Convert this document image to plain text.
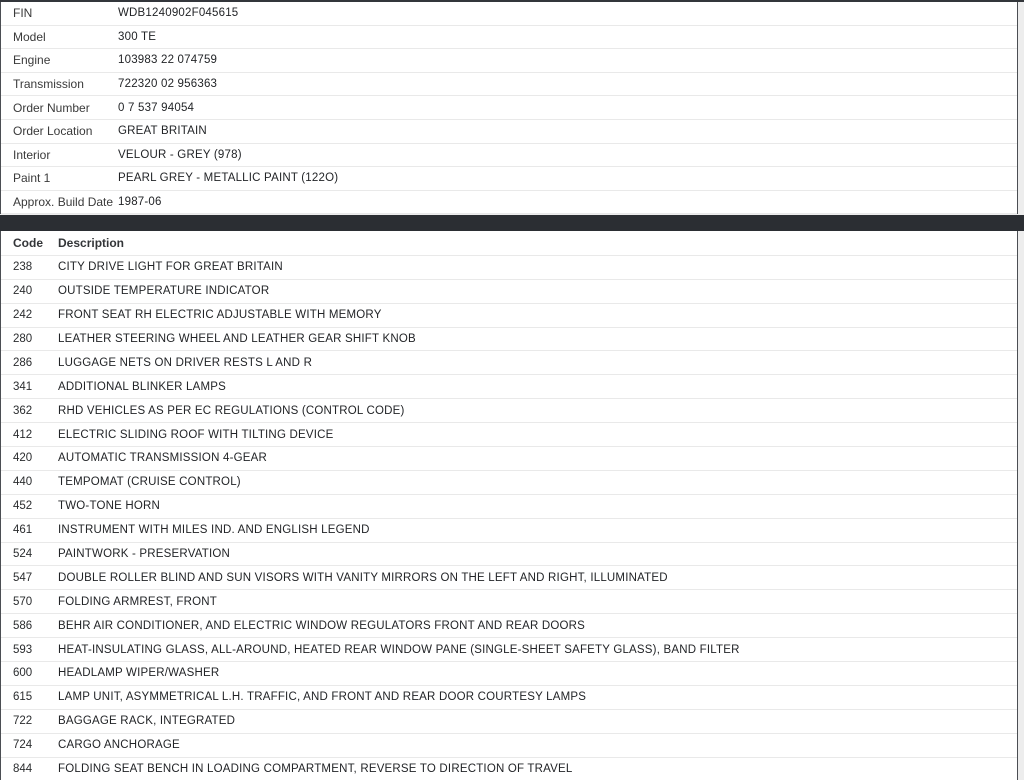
FIN	WDB1240902F045615
Model	300 TE
Engine	103983 22 074759
Transmission	722320 02 956363
Order Number	0 7 537 94054
Order Location	GREAT BRITAIN
Interior	VELOUR - GREY (978)
Paint 1	PEARL GREY - METALLIC PAINT (122O)
Approx. Build Date 1987-06
Code	Description
238	CITY DRIVE LIGHT FOR GREAT BRITAIN
240	OUTSIDE TEMPERATURE INDICATOR
242	FRONT SEAT RH ELECTRIC ADJUSTABLE WITH MEMORY
280	LEATHER STEERING WHEEL AND LEATHER GEAR SHIFT KNOB
286	LUGGAGE NETS ON DRIVER RESTS L AND R
341	ADDITIONAL BLINKER LAMPS
362	RHD VEHICLES AS PER EC REGULATIONS (CONTROL CODE)
412	ELECTRIC SLIDING ROOF WITH TILTING DEVICE
420	AUTOMATIC TRANSMISSION 4-GEAR
440	TEMPOMAT (CRUISE CONTROL)
452	TWO-TONE HORN
461	INSTRUMENT WITH MILES IND. AND ENGLISH LEGEND
524	PAINTWORK - PRESERVATION
547	DOUBLE ROLLER BLIND AND SUN VISORS WITH VANITY MIRRORS ON THE LEFT AND RIGHT, ILLUMINATED
570	FOLDING ARMREST, FRONT
586	BEHR AIR CONDITIONER, AND ELECTRIC WINDOW REGULATORS FRONT AND REAR DOORS
593	HEAT-INSULATING GLASS, ALL-AROUND, HEATED REAR WINDOW PANE (SINGLE-SHEET SAFETY GLASS), BAND FILTER
600	HEADLAMP WIPER/WASHER
615	LAMP UNIT, ASYMMETRICAL L.H. TRAFFIC, AND FRONT AND REAR DOOR COURTESY LAMPS
722	BAGGAGE RACK, INTEGRATED
724	CARGO ANCHORAGE
844	FOLDING SEAT BENCH IN LOADING COMPARTMENT, REVERSE TO DIRECTION OF TRAVEL
